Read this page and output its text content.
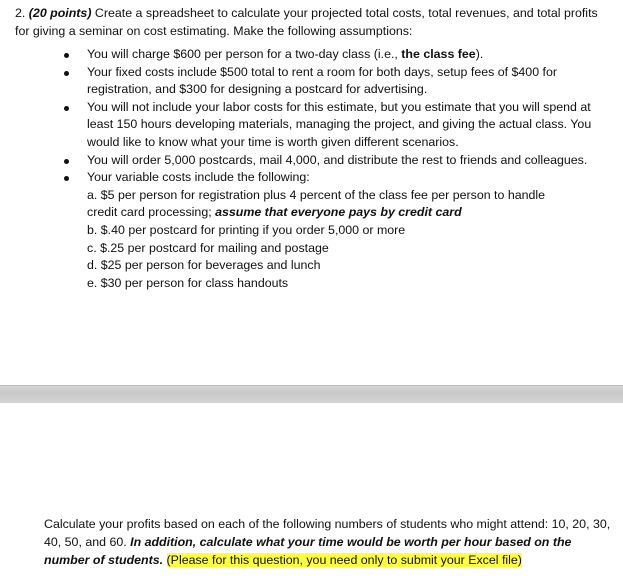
2. (20 points) Create a spreadsheet to calculate your projected total costs, total revenues, and total profits for giving a seminar on cost estimating. Make the following assumptions:
You will charge $600 per person for a two-day class (i.e., the class fee).
Your fixed costs include $500 total to rent a room for both days, setup fees of $400 for registration, and $300 for designing a postcard for advertising.
You will not include your labor costs for this estimate, but you estimate that you will spend at least 150 hours developing materials, managing the project, and giving the actual class. You would like to know what your time is worth given different scenarios.
You will order 5,000 postcards, mail 4,000, and distribute the rest to friends and colleagues.
Your variable costs include the following:
a. $5 per person for registration plus 4 percent of the class fee per person to handle credit card processing; assume that everyone pays by credit card
b. $.40 per postcard for printing if you order 5,000 or more
c. $.25 per postcard for mailing and postage
d. $25 per person for beverages and lunch
e. $30 per person for class handouts
Calculate your profits based on each of the following numbers of students who might attend: 10, 20, 30, 40, 50, and 60. In addition, calculate what your time would be worth per hour based on the number of students. (Please for this question, you need only to submit your Excel file)
